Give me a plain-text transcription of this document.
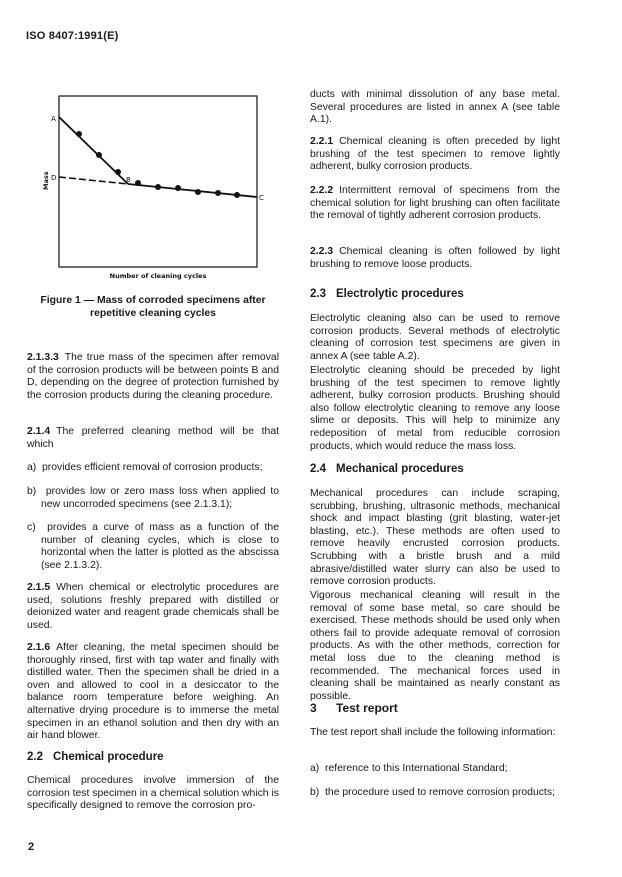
ISO 8407:1991(E)
A
D	B
C
Mass
Number of cleaning cycles
Figure 1 — Mass of corroded specimens after
repetitive cleaning cycles

2.1.3.3 The true mass of the specimen after removal of the corrosion products will be between points B and D, depending on the degree of protection furnished by the corrosion products during the cleaning procedure.

2.1.4 The preferred cleaning method will be that which

a) provides efficient removal of corrosion products;

b) provides low or zero mass loss when applied to new uncorroded specimens (see 2.1.3.1);

c) provides a curve of mass as a function of the number of cleaning cycles, which is close to horizontal when the latter is plotted as the abscissa (see 2.1.3.2).

2.1.5 When chemical or electrolytic procedures are used, solutions freshly prepared with distilled or deionized water and reagent grade chemicals shall be used.

2.1.6 After cleaning, the metal specimen should be thoroughly rinsed, first with tap water and finally with distilled water. Then the specimen shall be dried in a oven and allowed to cool in a desiccator to the balance room temperature before weighing. An alternative drying procedure is to immerse the metal specimen in an ethanol solution and then dry with an air hand blower.

2.2 Chemical procedure

Chemical procedures involve immersion of the corrosion test specimen in a chemical solution which is specifically designed to remove the corrosion pro-

ducts with minimal dissolution of any base metal. Several procedures are listed in annex A (see table A.1).

2.2.1 Chemical cleaning is often preceded by light brushing of the test specimen to remove lightly adherent, bulky corrosion products.

2.2.2 Intermittent removal of specimens from the chemical solution for light brushing can often facilitate the removal of tightly adherent corrosion products.

2.2.3 Chemical cleaning is often followed by light brushing to remove loose products.

2.3 Electrolytic procedures

Electrolytic cleaning also can be used to remove corrosion products. Several methods of electrolytic cleaning of corrosion test specimens are given in annex A (see table A.2).

Electrolytic cleaning should be preceded by light brushing of the test specimen to remove lightly adherent, bulky corrosion products. Brushing should also follow electrolytic cleaning to remove any loose slime or deposits. This will help to minimize any redeposition of metal from reducible corrosion products, which would reduce the mass loss.

2.4 Mechanical procedures

Mechanical procedures can include scraping, scrubbing, brushing, ultrasonic methods, mechanical shock and impact blasting (grit blasting, water-jet blasting, etc.). These methods are often used to remove heavily encrusted corrosion products. Scrubbing with a bristle brush and a mild abrasive/distilled water slurry can also be used to remove corrosion products.

Vigorous mechanical cleaning will result in the removal of some base metal, so care should be exercised. These methods should be used only when others fail to provide adequate removal of corrosion products. As with the other methods, correction for metal loss due to the cleaning method is recommended. The mechanical forces used in cleaning shall be maintained as nearly constant as possible.

3 Test report

The test report shall include the following information:

a) reference to this International Standard;

b) the procedure used to remove corrosion products;

2
